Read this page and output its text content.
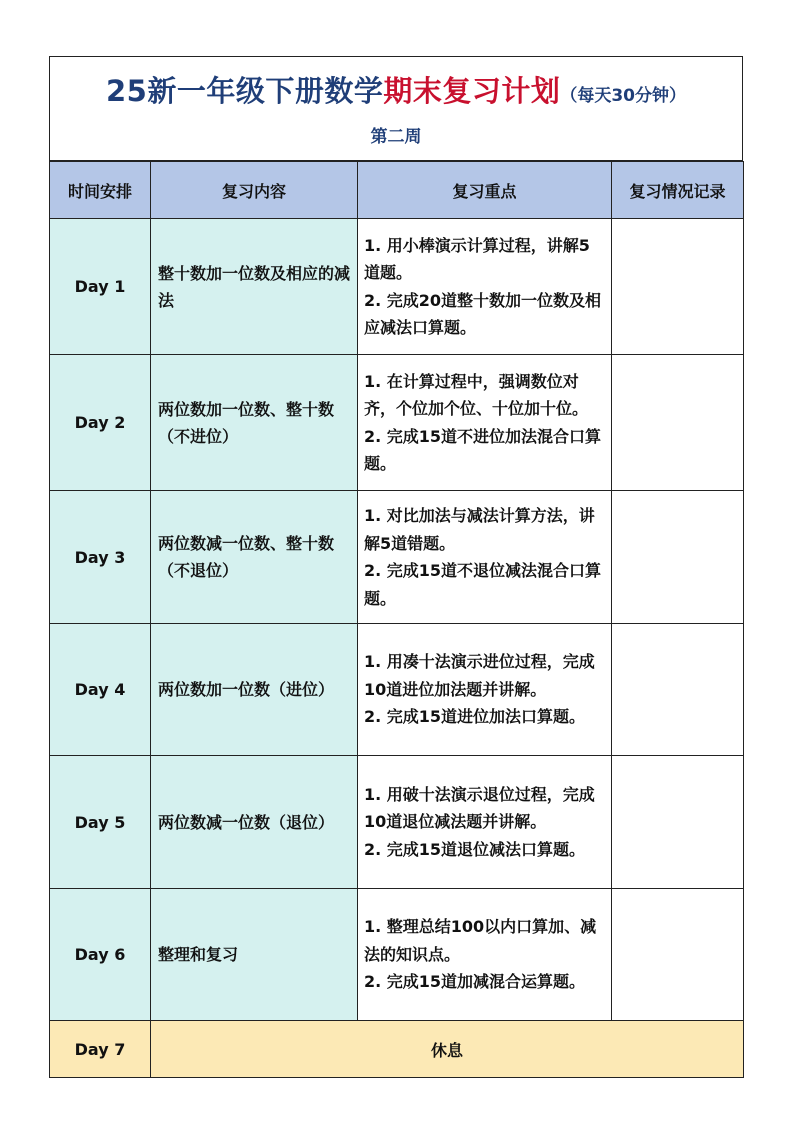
25新一年级下册数学期末复习计划（每天30分钟）
第二周
时间安排	复习内容	复习重点	复习情况记录
Day 1	整十数加一位数及相应的减法	1. 用小棒演示计算过程，讲解5道题。
2. 完成20道整十数加一位数及相应减法口算题。	

Day 2	两位数加一位数、整十数（不进位）	1. 在计算过程中，强调数位对齐，个位加个位、十位加十位。
2. 完成15道不进位加法混合口算题。	

Day 3	两位数减一位数、整十数（不退位）	1. 对比加法与减法计算方法，讲解5道错题。
2. 完成15道不退位减法混合口算题。	

Day 4	两位数加一位数（进位）	1. 用凑十法演示进位过程，完成10道进位加法题并讲解。
2. 完成15道进位加法口算题。	

Day 5	两位数减一位数（退位）	1. 用破十法演示退位过程，完成10道退位减法题并讲解。
2. 完成15道退位减法口算题。	

Day 6	整理和复习	1. 整理总结100以内口算加、减法的知识点。
2. 完成15道加减混合运算题。	

Day 7	休息		
